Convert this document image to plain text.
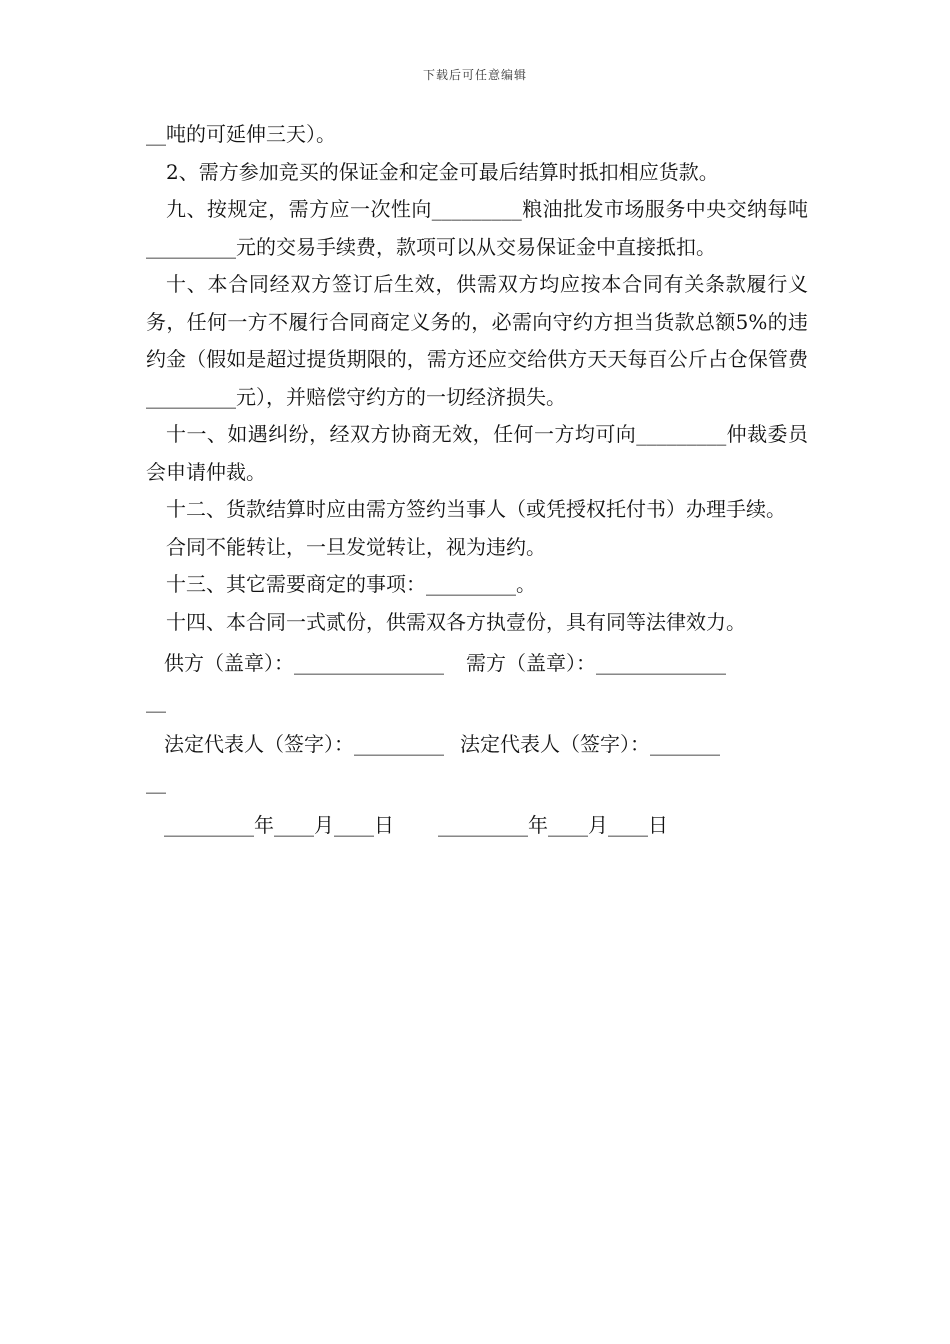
下载后可任意编辑

__吨的可延伸三天）。

2、需方参加竞买的保证金和定金可最后结算时抵扣相应货款。

九、按规定，需方应一次性向_________粮油批发市场服务中央交纳每吨_________元的交易手续费，款项可以从交易保证金中直接抵扣。

十、本合同经双方签订后生效，供需双方均应按本合同有关条款履行义务，任何一方不履行合同商定义务的，必需向守约方担当货款总额5%的违约金（假如是超过提货期限的，需方还应交给供方天天每百公斤占仓保管费_________元），并赔偿守约方的一切经济损失。

十一、如遇纠纷，经双方协商无效，任何一方均可向_________仲裁委员会申请仲裁。

十二、货款结算时应由需方签约当事人（或凭授权托付书）办理手续。

合同不能转让，一旦发觉转让，视为违约。

十三、其它需要商定的事项：_________。

十四、本合同一式贰份，供需双各方执壹份，具有同等法律效力。

供方（盖章）：_______________ 需方（盖章）：_____________
__
法定代表人（签字）：_________ 法定代表人（签字）：_______
__
_________年____月____日 _________年____月____日
